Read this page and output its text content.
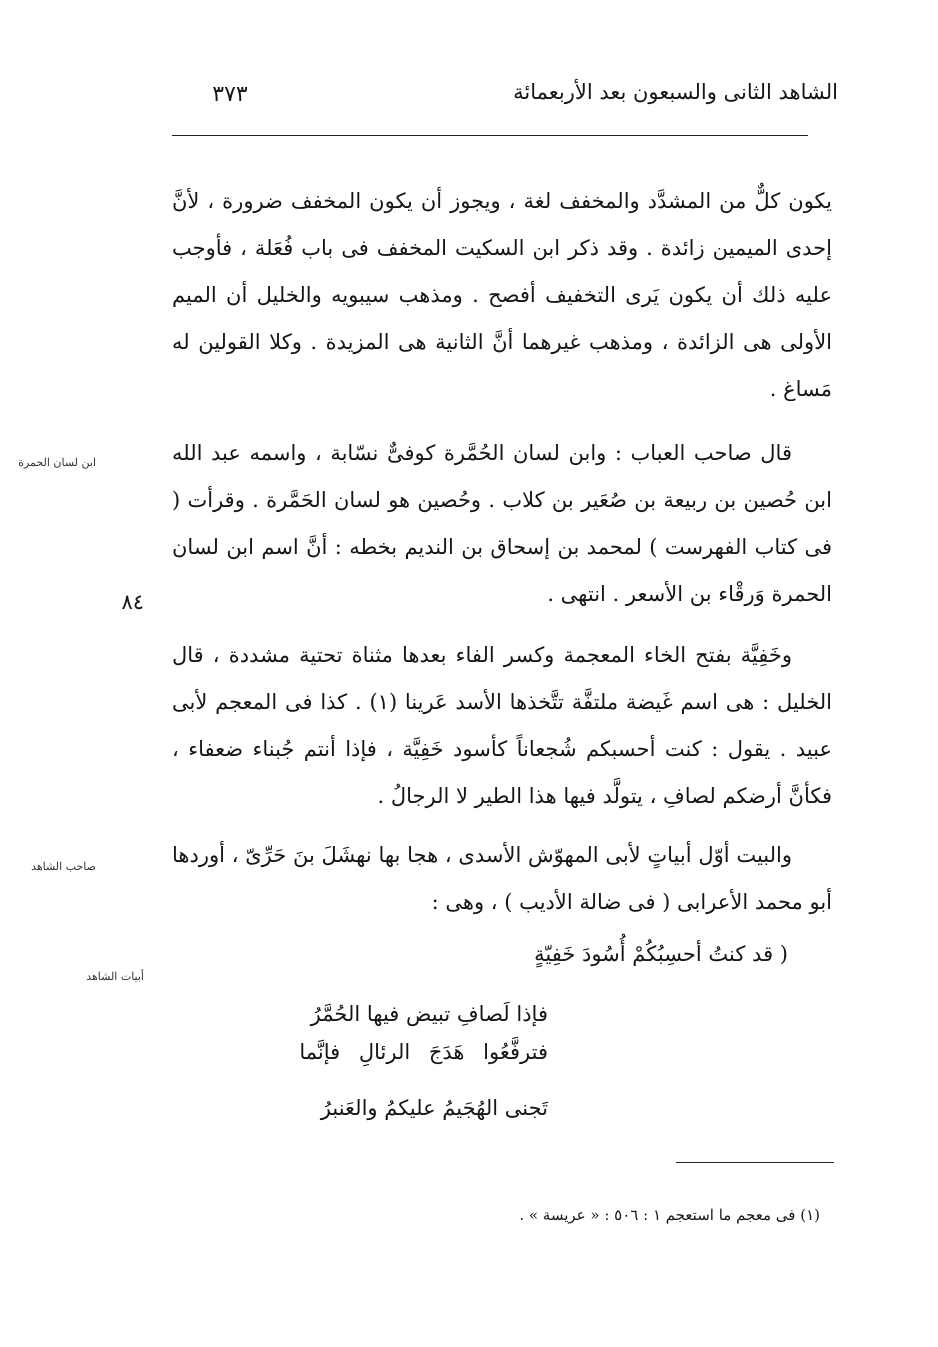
الشاهد الثانى والسبعون بعد الأربعمائة
٣٧٣

يكون كلٌّ من المشدَّد والمخفف لغة ، ويجوز أن يكون المخفف ضرورة ، لأنَّ إحدى الميمين زائدة . وقد ذكر ابن السكيت المخفف فى باب فُعَلة ، فأوجب عليه ذلك أن يكون يَرى التخفيف أفصح . ومذهب سيبويه والخليل أن الميم الأولى هى الزائدة ، ومذهب غيرهما أنَّ الثانية هى المزيدة . وكلا القولين له مَساغ .

ابن لسان الحمرة	قال صاحب العباب : وابن لسان الحُمَّرة كوفىٌّ نسّابة ، واسمه عبد الله ابن حُصين بن ربيعة بن صُعَير بن كلاب . وحُصين هو لسان الحَمَّرة . وقرأت ( فى كتاب الفهرست ) لمحمد بن إسحاق بن النديم بخطه : أنَّ اسم ابن لسان الحمرة وَرقْاء بن الأسعر . انتهى .

٨٤

وخَفِيَّة بفتح الخاء المعجمة وكسر الفاء بعدها مثناة تحتية مشددة ، قال الخليل : هى اسم غَيضة ملتفَّة تتَّخذها الأسد عَرينا (١) . كذا فى المعجم لأبى عبيد . يقول : كنت أحسبكم شُجعاناً كأسود خَفِيَّة ، فإذا أنتم جُبناء ضعفاء ، فكأنَّ أرضكم لصافِ ، يتولَّد فيها هذا الطير لا الرجالُ .

صاحب الشاهد	والبيت أوّل أبياتٍ لأبى المهوّش الأسدى ، هجا بها نهشَلَ بنَ حَرِّىّ ، أوردها أبو محمد الأعرابى ( فى ضالة الأديب ) ، وهى :

أبيات الشاهد
( قد كنتُ أحسِبُكُمْ أُسُودَ خَفِيّةٍ
فإذا لَصافِ تبيض فيها الحُمَّرُ
فترفَّعُوا هَدَجَ الرئالِ فإنَّما
تَجنى الهُجَيمُ عليكمُ والعَنبرُ
(١) فى معجم ما استعجم ١ : ٥٠٦ : « عريسة » .
